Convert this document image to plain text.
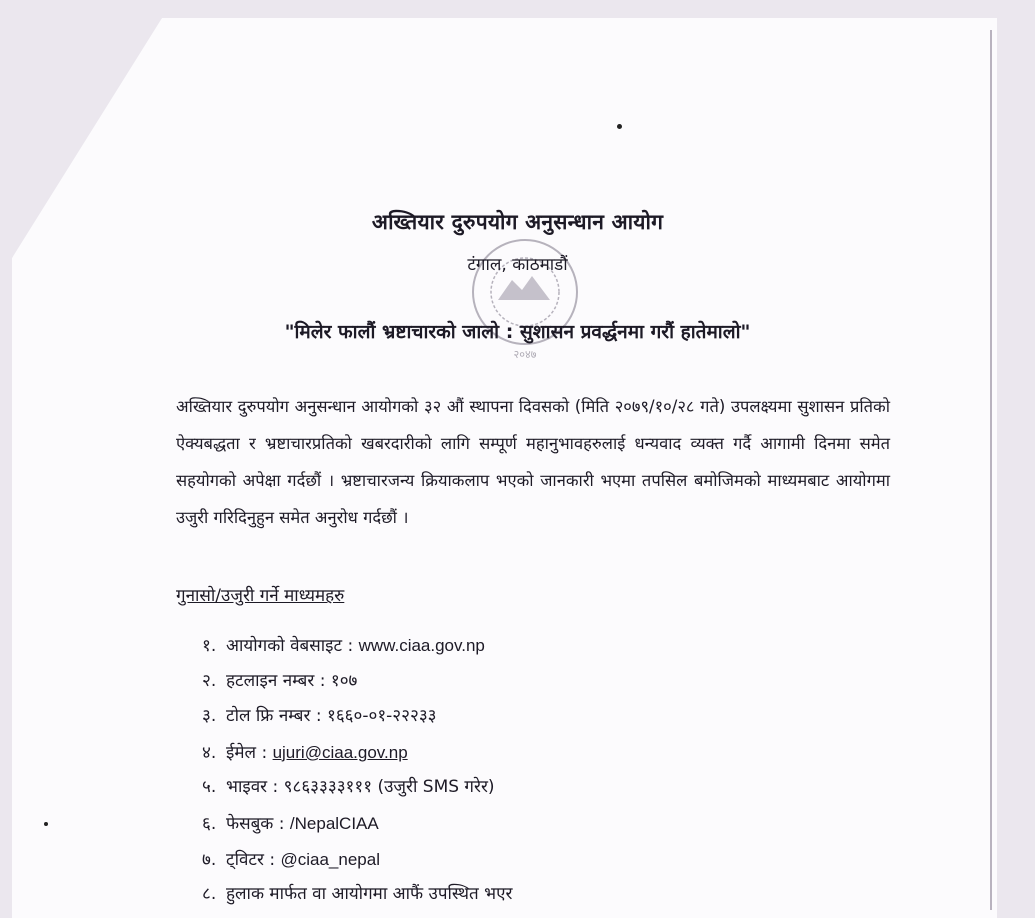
२०४७
अख्तियार दुरुपयोग अनुसन्धान आयोग
टंगाल, काठमाडौं
"मिलेर फालौं भ्रष्टाचारको जालो : सुशासन प्रवर्द्धनमा गरौं हातेमालो"
अख्तियार दुरुपयोग अनुसन्धान आयोगको ३२ औं स्थापना दिवसको (मिति २०७९/१०/२८ गते) उपलक्ष्यमा सुशासन प्रतिको ऐक्यबद्धता र भ्रष्टाचारप्रतिको खबरदारीको लागि सम्पूर्ण महानुभावहरुलाई धन्यवाद व्यक्त गर्दै आगामी दिनमा समेत सहयोगको अपेक्षा गर्दछौं । भ्रष्टाचारजन्य क्रियाकलाप भएको जानकारी भएमा तपसिल बमोजिमको माध्यमबाट आयोगमा उजुरी गरिदिनुहुन समेत अनुरोध गर्दछौं ।
गुनासो/उजुरी गर्ने माध्यमहरु
१. आयोगको वेबसाइट : www.ciaa.gov.np
२. हटलाइन नम्बर : १०७
३. टोल फ्रि नम्बर : १६६०-०१-२२२३३
४. ईमेल : ujuri@ciaa.gov.np
५. भाइवर : ९८६३३३३१११ (उजुरी SMS गरेर)
६. फेसबुक : /NepalCIAA
७. ट्विटर : @ciaa_nepal
८. हुलाक मार्फत वा आयोगमा आफैं उपस्थित भएर
